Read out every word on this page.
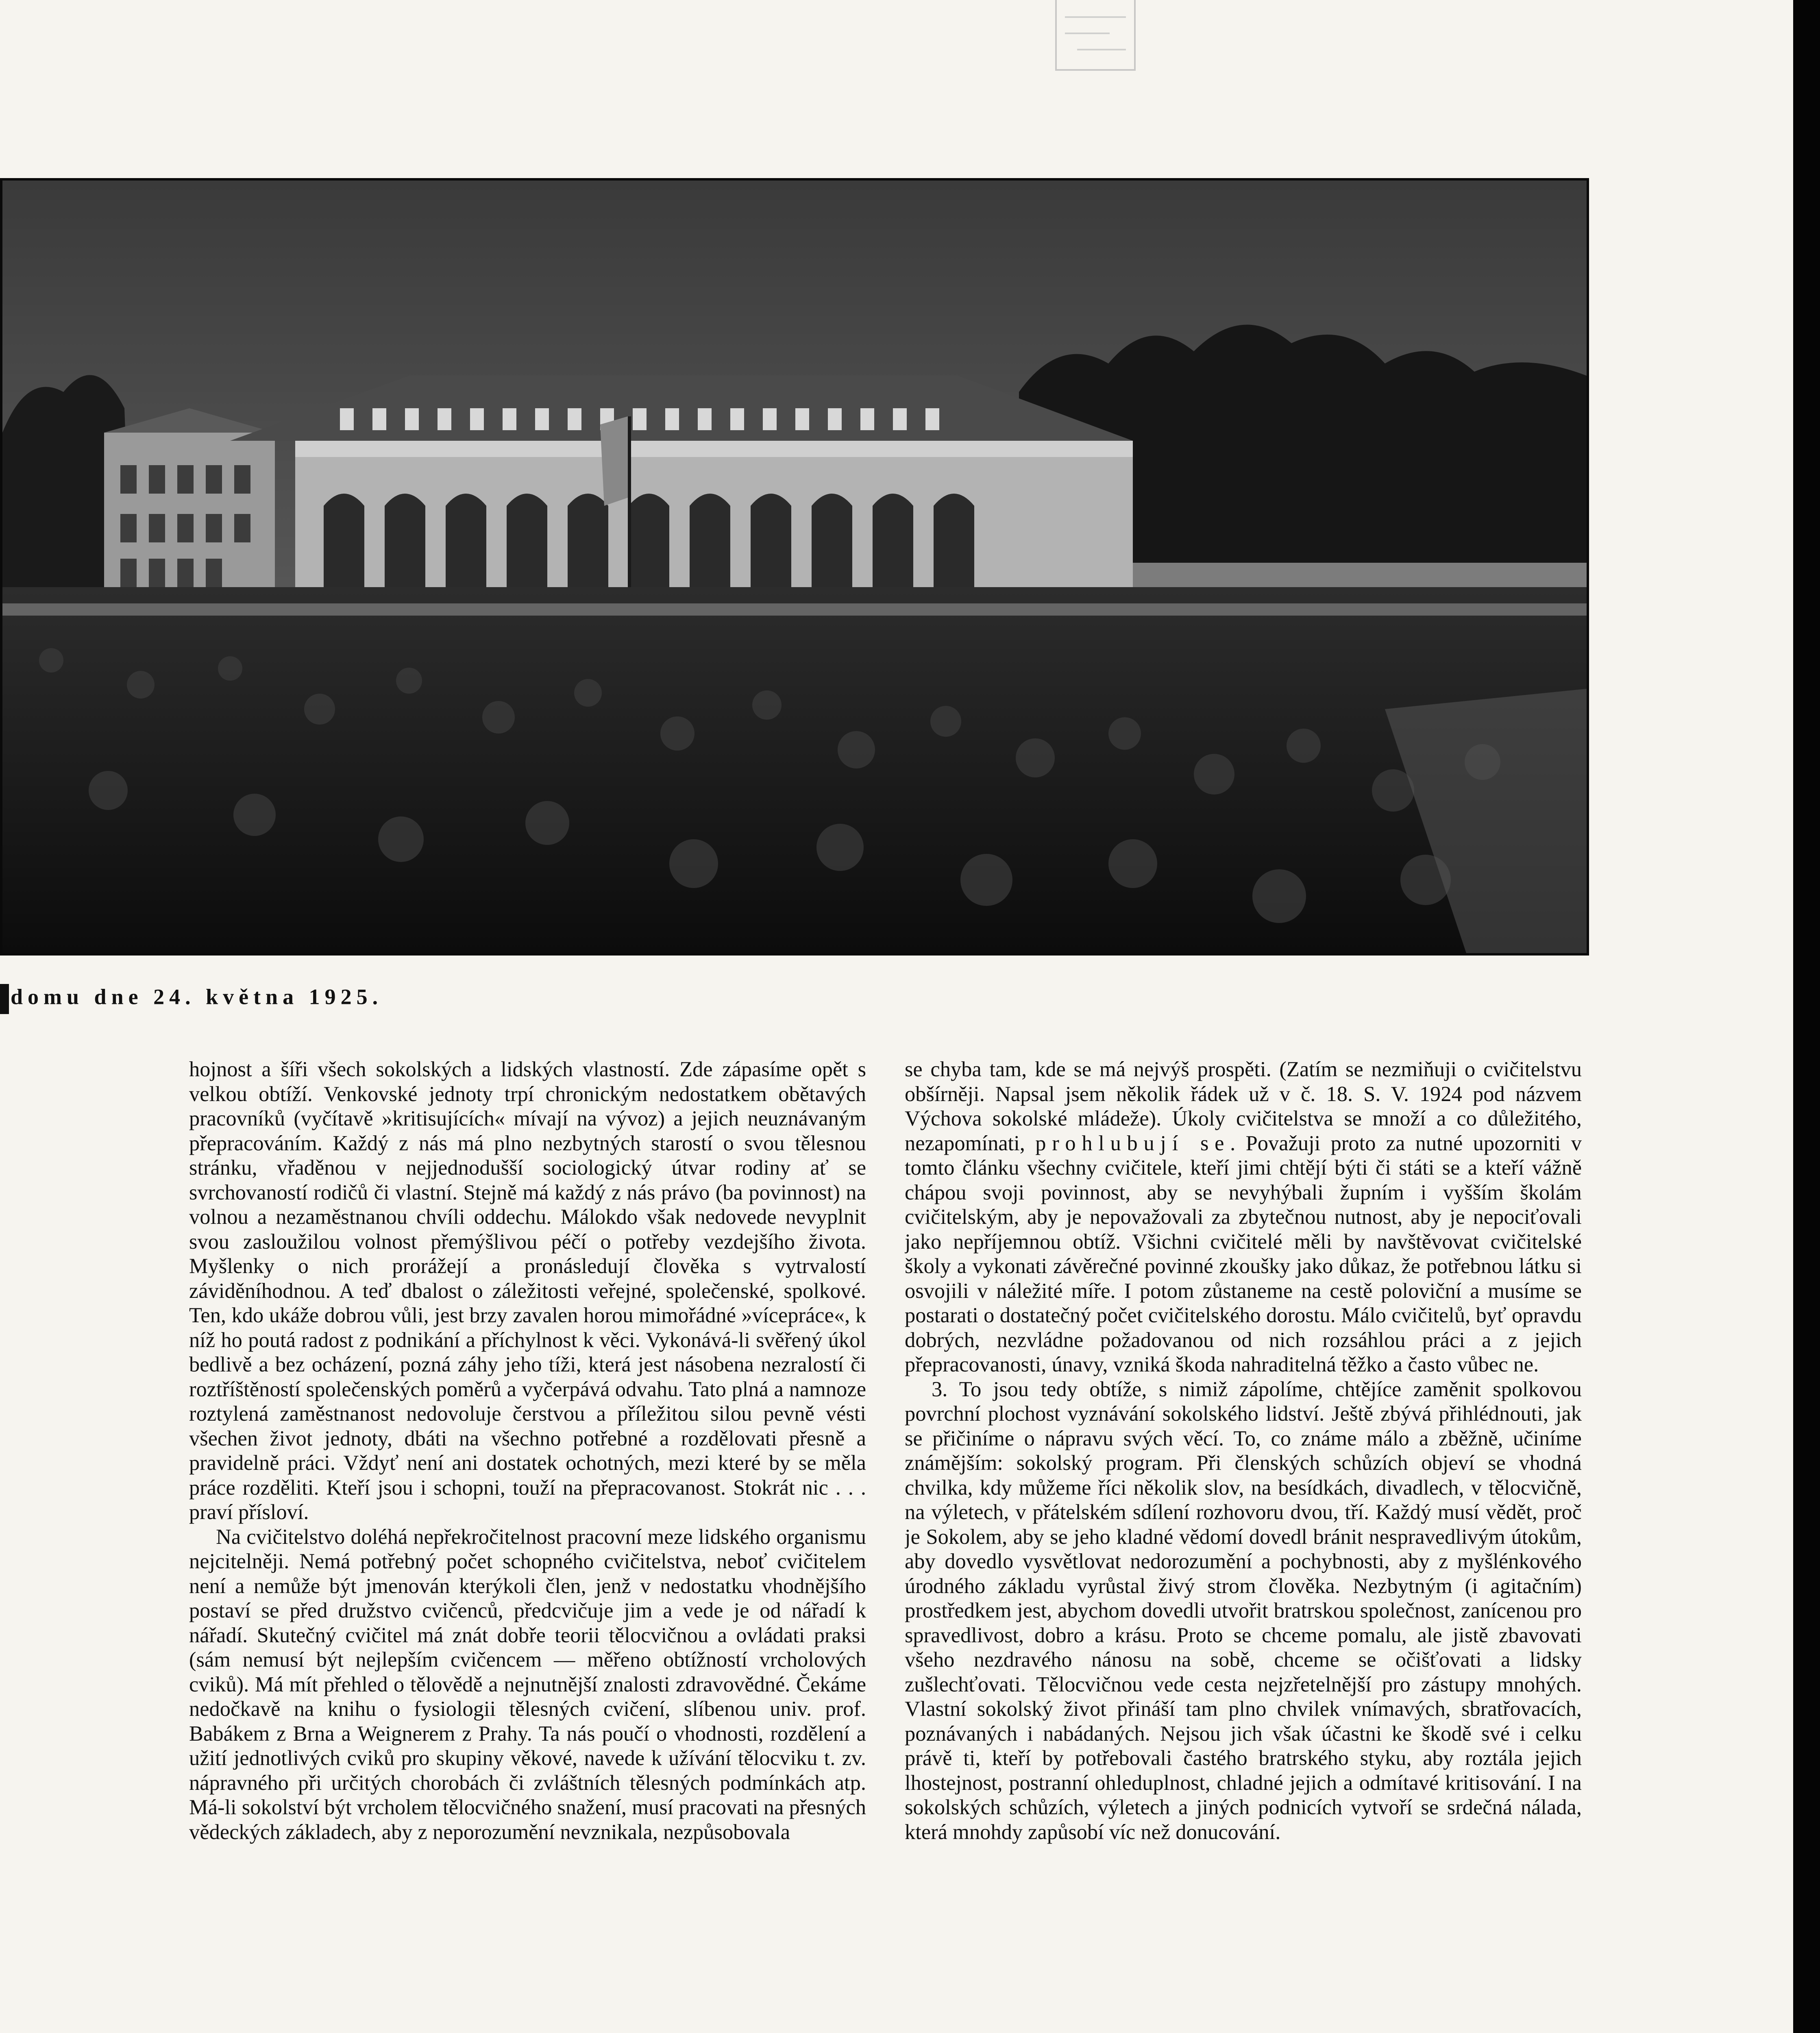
domu dne 24. května 1925.

hojnost a šíři všech sokolských a lidských vlastností. Zde zápasíme opět s velkou obtíží. Venkovské jednoty trpí chronickým nedostatkem obětavých pracovníků (vyčítavě »kritisujících« mívají na vývoz) a jejich neuznávaným přepracováním. Každý z nás má plno nezbytných starostí o svou tělesnou stránku, vřaděnou v nejjednodušší sociologický útvar rodiny ať se svrchovaností rodičů či vlastní. Stejně má každý z nás právo (ba povinnost) na volnou a nezaměstnanou chvíli oddechu. Málokdo však nedovede nevyplnit svou zasloužilou volnost přemýšlivou péčí o potřeby vezdejšího života. Myšlenky o nich prorážejí a pronásledují člověka s vytrvalostí záviděníhodnou. A teď dbalost o záležitosti veřejné, společenské, spolkové. Ten, kdo ukáže dobrou vůli, jest brzy zavalen horou mimořádné »vícepráce«, k níž ho poutá radost z podnikání a příchylnost k věci. Vykonává-li svěřený úkol bedlivě a bez ocházení, pozná záhy jeho tíži, která jest násobena nezralostí či roztříštěností společenských poměrů a vyčerpává odvahu. Tato plná a namnoze roztylená zaměstnanost nedovoluje čerstvou a příležitou silou pevně vésti všechen život jednoty, dbáti na všechno potřebné a rozdělovati přesně a pravidelně práci. Vždyť není ani dostatek ochotných, mezi které by se měla práce rozděliti. Kteří jsou i schopni, touží na přepracovanost. Stokrát nic . . . praví přísloví.

Na cvičitelstvo doléhá nepřekročitelnost pracovní meze lidského organismu nejcitelněji. Nemá potřebný počet schopného cvičitelstva, neboť cvičitelem není a nemůže být jmenován kterýkoli člen, jenž v nedostatku vhodnějšího postaví se před družstvo cvičenců, předcvičuje jim a vede je od nářadí k nářadí. Skutečný cvičitel má znát dobře teorii tělocvičnou a ovládati praksi (sám nemusí být nejlepším cvičencem — měřeno obtížností vrcholových cviků). Má mít přehled o tělovědě a nejnutnější znalosti zdravovědné. Čekáme nedočkavě na knihu o fysiologii tělesných cvičení, slíbenou univ. prof. Babákem z Brna a Weignerem z Prahy. Ta nás poučí o vhodnosti, rozdělení a užití jednotlivých cviků pro skupiny věkové, navede k užívání tělocviku t. zv. nápravného při určitých chorobách či zvláštních tělesných podmínkách atp. Má-li sokolství být vrcholem tělocvičného snažení, musí pracovati na přesných vědeckých základech, aby z neporozumění nevznikala, nezpůsobovala

se chyba tam, kde se má nejvýš prospěti. (Zatím se nezmiňuji o cvičitelstvu obšírněji. Napsal jsem několik řádek už v č. 18. S. V. 1924 pod názvem Výchova sokolské mládeže). Úkoly cvičitelstva se množí a co důležitého, nezapomínati, prohlubují se. Považuji proto za nutné upozorniti v tomto článku všechny cvičitele, kteří jimi chtějí býti či státi se a kteří vážně chápou svoji povinnost, aby se nevyhýbali župním i vyšším školám cvičitelským, aby je nepovažovali za zbytečnou nutnost, aby je nepociťovali jako nepříjemnou obtíž. Všichni cvičitelé měli by navštěvovat cvičitelské školy a vykonati závěrečné povinné zkoušky jako důkaz, že potřebnou látku si osvojili v náležité míře. I potom zůstaneme na cestě poloviční a musíme se postarati o dostatečný počet cvičitelského dorostu. Málo cvičitelů, byť opravdu dobrých, nezvládne požadovanou od nich rozsáhlou práci a z jejich přepracovanosti, únavy, vzniká škoda nahraditelná těžko a často vůbec ne.

3. To jsou tedy obtíže, s nimiž zápolíme, chtějíce zaměnit spolkovou povrchní plochost vyznávání sokolského lidství. Ještě zbývá přihlédnouti, jak se přičiníme o nápravu svých věcí. To, co známe málo a zběžně, učiníme známějším: sokolský program. Při členských schůzích objeví se vhodná chvilka, kdy můžeme říci několik slov, na besídkách, divadlech, v tělocvičně, na výletech, v přátelském sdílení rozhovoru dvou, tří. Každý musí vědět, proč je Sokolem, aby se jeho kladné vědomí dovedl bránit nespravedlivým útokům, aby dovedlo vysvětlovat nedorozumění a pochybnosti, aby z myšlénkového úrodného základu vyrůstal živý strom člověka. Nezbytným (i agitačním) prostředkem jest, abychom dovedli utvořit bratrskou společnost, zanícenou pro spravedlivost, dobro a krásu. Proto se chceme pomalu, ale jistě zbavovati všeho nezdravého nánosu na sobě, chceme se očišťovati a lidsky zušlechťovati. Tělocvičnou vede cesta nejzřetelnější pro zástupy mnohých. Vlastní sokolský život přináší tam plno chvilek vnímavých, sbratřovacích, poznávaných i nabádaných. Nejsou jich však účastni ke škodě své i celku právě ti, kteří by potřebovali častého bratrského styku, aby roztála jejich lhostejnost, postranní ohleduplnost, chladné jejich a odmítavé kritisování. I na sokolských schůzích, výletech a jiných podnicích vytvoří se srdečná nálada, která mnohdy zapůsobí víc než donucování.
